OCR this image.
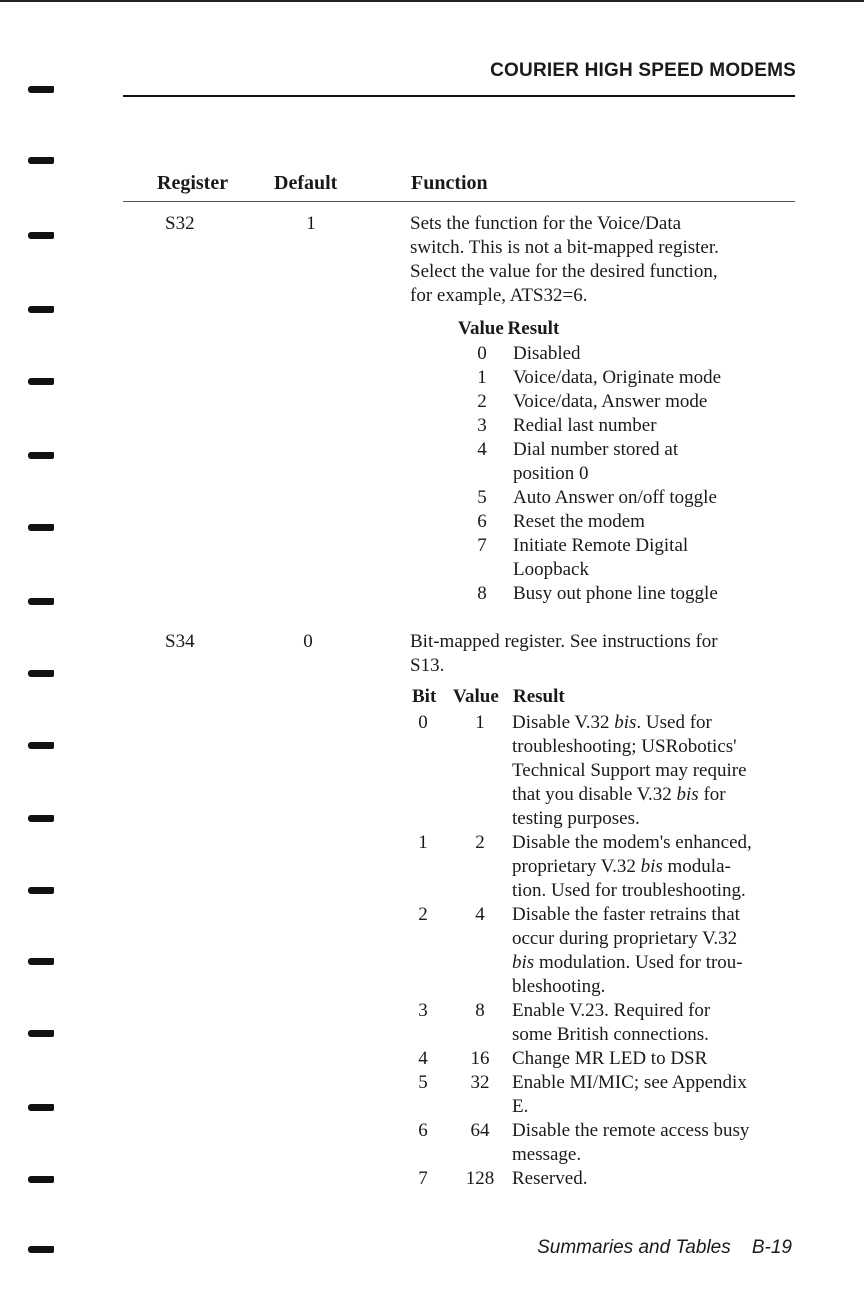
COURIER HIGH SPEED MODEMS
Register Default	Function
S32	1	Sets the function for the Voice/Data
switch. This is not a bit-mapped register.
Select the value for the desired function,
for example, ATS32=6.
Value Result
0	Disabled
1	Voice/data, Originate mode
2	Voice/data, Answer mode
3	Redial last number
4	Dial number stored at
position 0
5	Auto Answer on/off toggle
6	Reset the modem
7	Initiate Remote Digital
Loopback
8	Busy out phone line toggle
S34	0	Bit-mapped register. See instructions for
S13.
Bit Value Result
0	1	Disable V.32 bis. Used for
troubleshooting; USRobotics'
Technical Support may require
that you disable V.32 bis for
testing purposes.
1	2	Disable the modem's enhanced,
proprietary V.32 bis modula-
tion. Used for troubleshooting.
2	4	Disable the faster retrains that
occur during proprietary V.32
bis modulation. Used for trou-
bleshooting.
3	8	Enable V.23. Required for
some British connections.
4	16	Change MR LED to DSR
5	32	Enable MI/MIC; see Appendix
E.
6	64	Disable the remote access busy
message.
7	128 Reserved.
Summaries and Tables B-19
